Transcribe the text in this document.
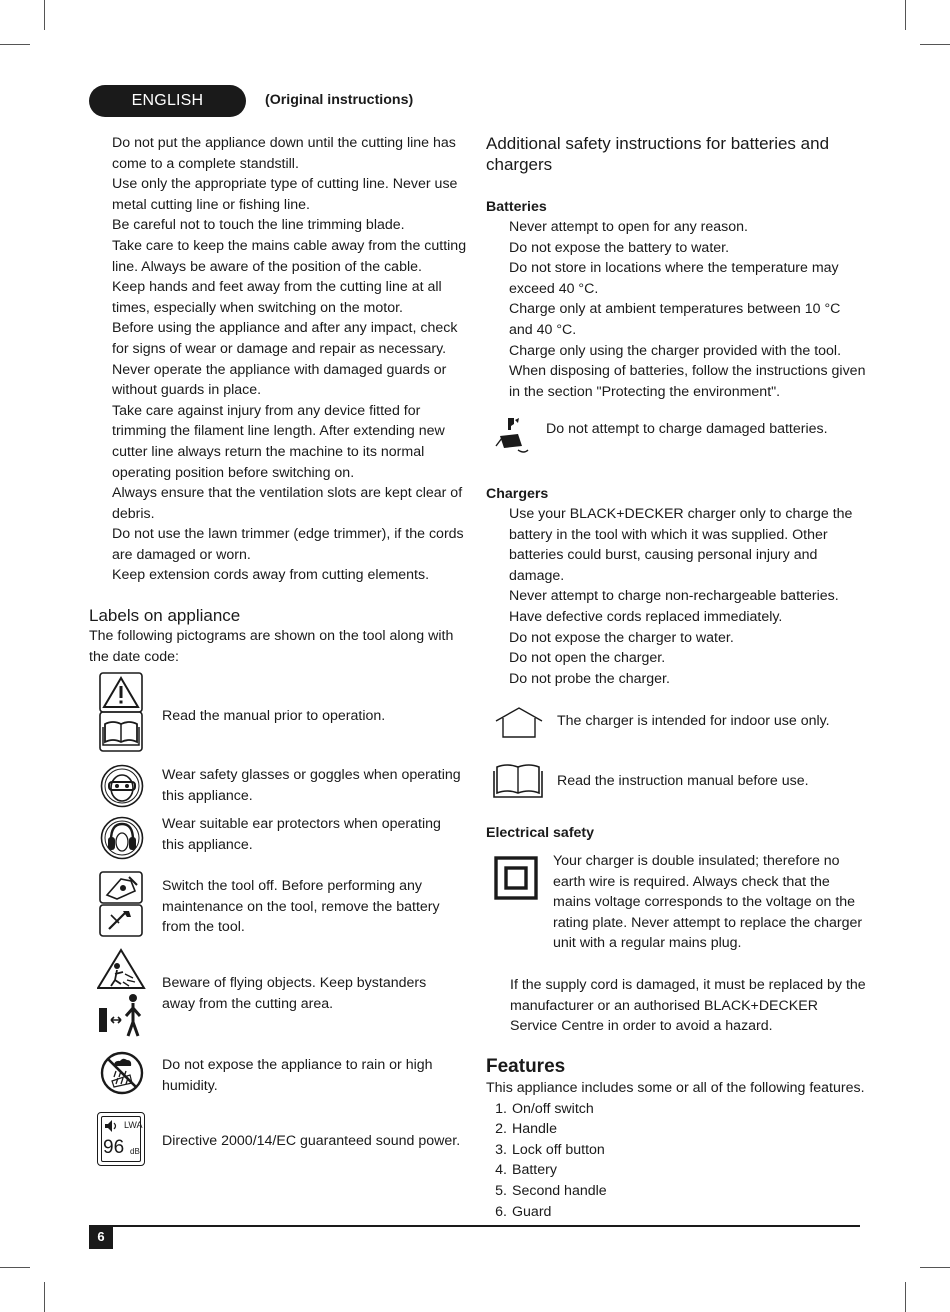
ENGLISH	(Original instructions)

Do not put the appliance down until the cutting line has come to a complete standstill.

Use only the appropriate type of cutting line. Never use metal cutting line or fishing line.

Be careful not to touch the line trimming blade.

Take care to keep the mains cable away from the cutting line. Always be aware of the position of the cable.

Keep hands and feet away from the cutting line at all times, especially when switching on the motor.

Before using the appliance and after any impact, check for signs of wear or damage and repair as necessary.

Never operate the appliance with damaged guards or without guards in place.

Take care against injury from any device fitted for trimming the filament line length. After extending new cutter line always return the machine to its normal operating position before switching on.

Always ensure that the ventilation slots are kept clear of debris.

Do not use the lawn trimmer (edge trimmer), if the cords are damaged or worn.

Keep extension cords away from cutting elements.

Labels on appliance

The following pictograms are shown on the tool along with the date code:

Read the manual prior to operation.
Wear safety glasses or goggles when operating this appliance.
Wear suitable ear protectors when operating this appliance.
Switch the tool off. Before performing any maintenance on the tool, remove the battery from the tool.
Beware of flying objects. Keep bystanders away from the cutting area.
Do not expose the appliance to rain or high humidity.
LWA
96 dB
Directive 2000/14/EC guaranteed sound power.
Additional safety instructions for batteries and chargers
Batteries

Never attempt to open for any reason.

Do not expose the battery to water.

Do not store in locations where the temperature may exceed 40 °C.

Charge only at ambient temperatures between 10 °C and 40 °C.

Charge only using the charger provided with the tool.

When disposing of batteries, follow the instructions given in the section "Protecting the environment".

Do not attempt to charge damaged batteries.
Chargers

Use your BLACK+DECKER charger only to charge the battery in the tool with which it was supplied. Other batteries could burst, causing personal injury and damage.

Never attempt to charge non-rechargeable batteries.

Have defective cords replaced immediately.

Do not expose the charger to water.

Do not open the charger.

Do not probe the charger.

The charger is intended for indoor use only.
Read the instruction manual before use.
Electrical safety
Your charger is double insulated; therefore no earth wire is required. Always check that the mains voltage corresponds to the voltage on the rating plate. Never attempt to replace the charger unit with a regular mains plug.
If the supply cord is damaged, it must be replaced by the manufacturer or an authorised BLACK+DECKER Service Centre in order to avoid a hazard.
Features

This appliance includes some or all of the following features.

1. On/off switch

2. Handle

3. Lock off button

4. Battery

5. Second handle

6. Guard

6
